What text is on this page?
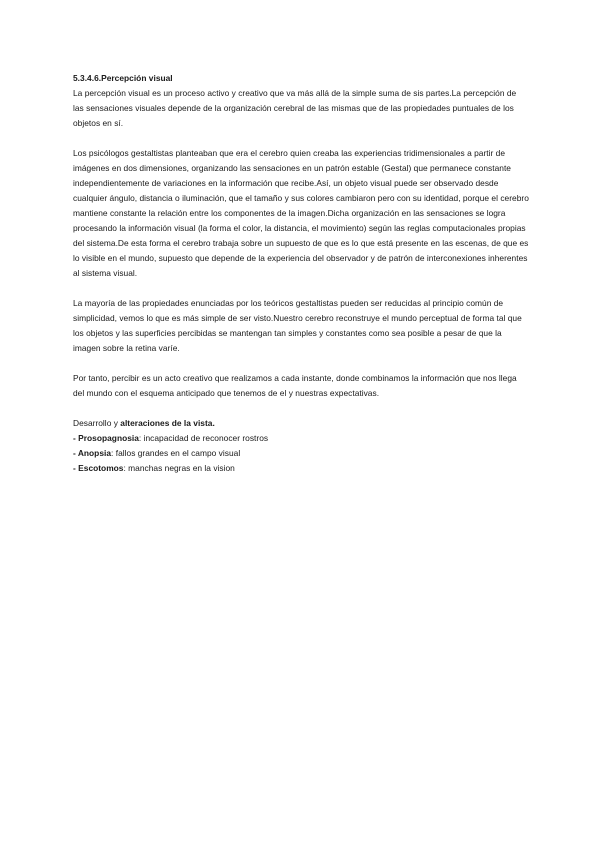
5.3.4.6.Percepción visual

La percepción visual es un proceso activo y creativo que va más allá de la simple suma de sis partes.La percepción de las sensaciones visuales depende de la organización cerebral de las mismas que de las propiedades puntuales de los objetos en sí.

Los psicólogos gestaltistas planteaban que era el cerebro quien creaba las experiencias tridimensionales a partir de imágenes en dos dimensiones, organizando las sensaciones en un patrón estable (Gestal) que permanece constante independientemente de variaciones en la información que recibe.Así, un objeto visual puede ser observado desde cualquier ángulo, distancia o iluminación, que el tamaño y sus colores cambiaron pero con su identidad, porque el cerebro mantiene constante la relación entre los componentes de la imagen.Dicha organización en las sensaciones se logra procesando la información visual (la forma el color, la distancia, el movimiento) según las reglas computacionales propias del sistema.De esta forma el cerebro trabaja sobre un supuesto de que es lo que está presente en las escenas, de que es lo visible en el mundo, supuesto que depende de la experiencia del observador y de patrón de interconexiones inherentes al sistema visual.

La mayoría de las propiedades enunciadas por los teóricos gestaltistas pueden ser reducidas al principio común de simplicidad, vemos lo que es más simple de ser visto.Nuestro cerebro reconstruye el mundo perceptual de forma tal que los objetos y las superficies percibidas se mantengan tan simples y constantes como sea posible a pesar de que la imagen sobre la retina varíe.

Por tanto, percibir es un acto creativo que realizamos a cada instante, donde combinamos la información que nos llega del mundo con el esquema anticipado que tenemos de el y nuestras expectativas.

Desarrollo y alteraciones de la vista.

- Prosopagnosia: incapacidad de reconocer rostros
- Anopsia: fallos grandes en el campo visual
- Escotomos: manchas negras en la vision
